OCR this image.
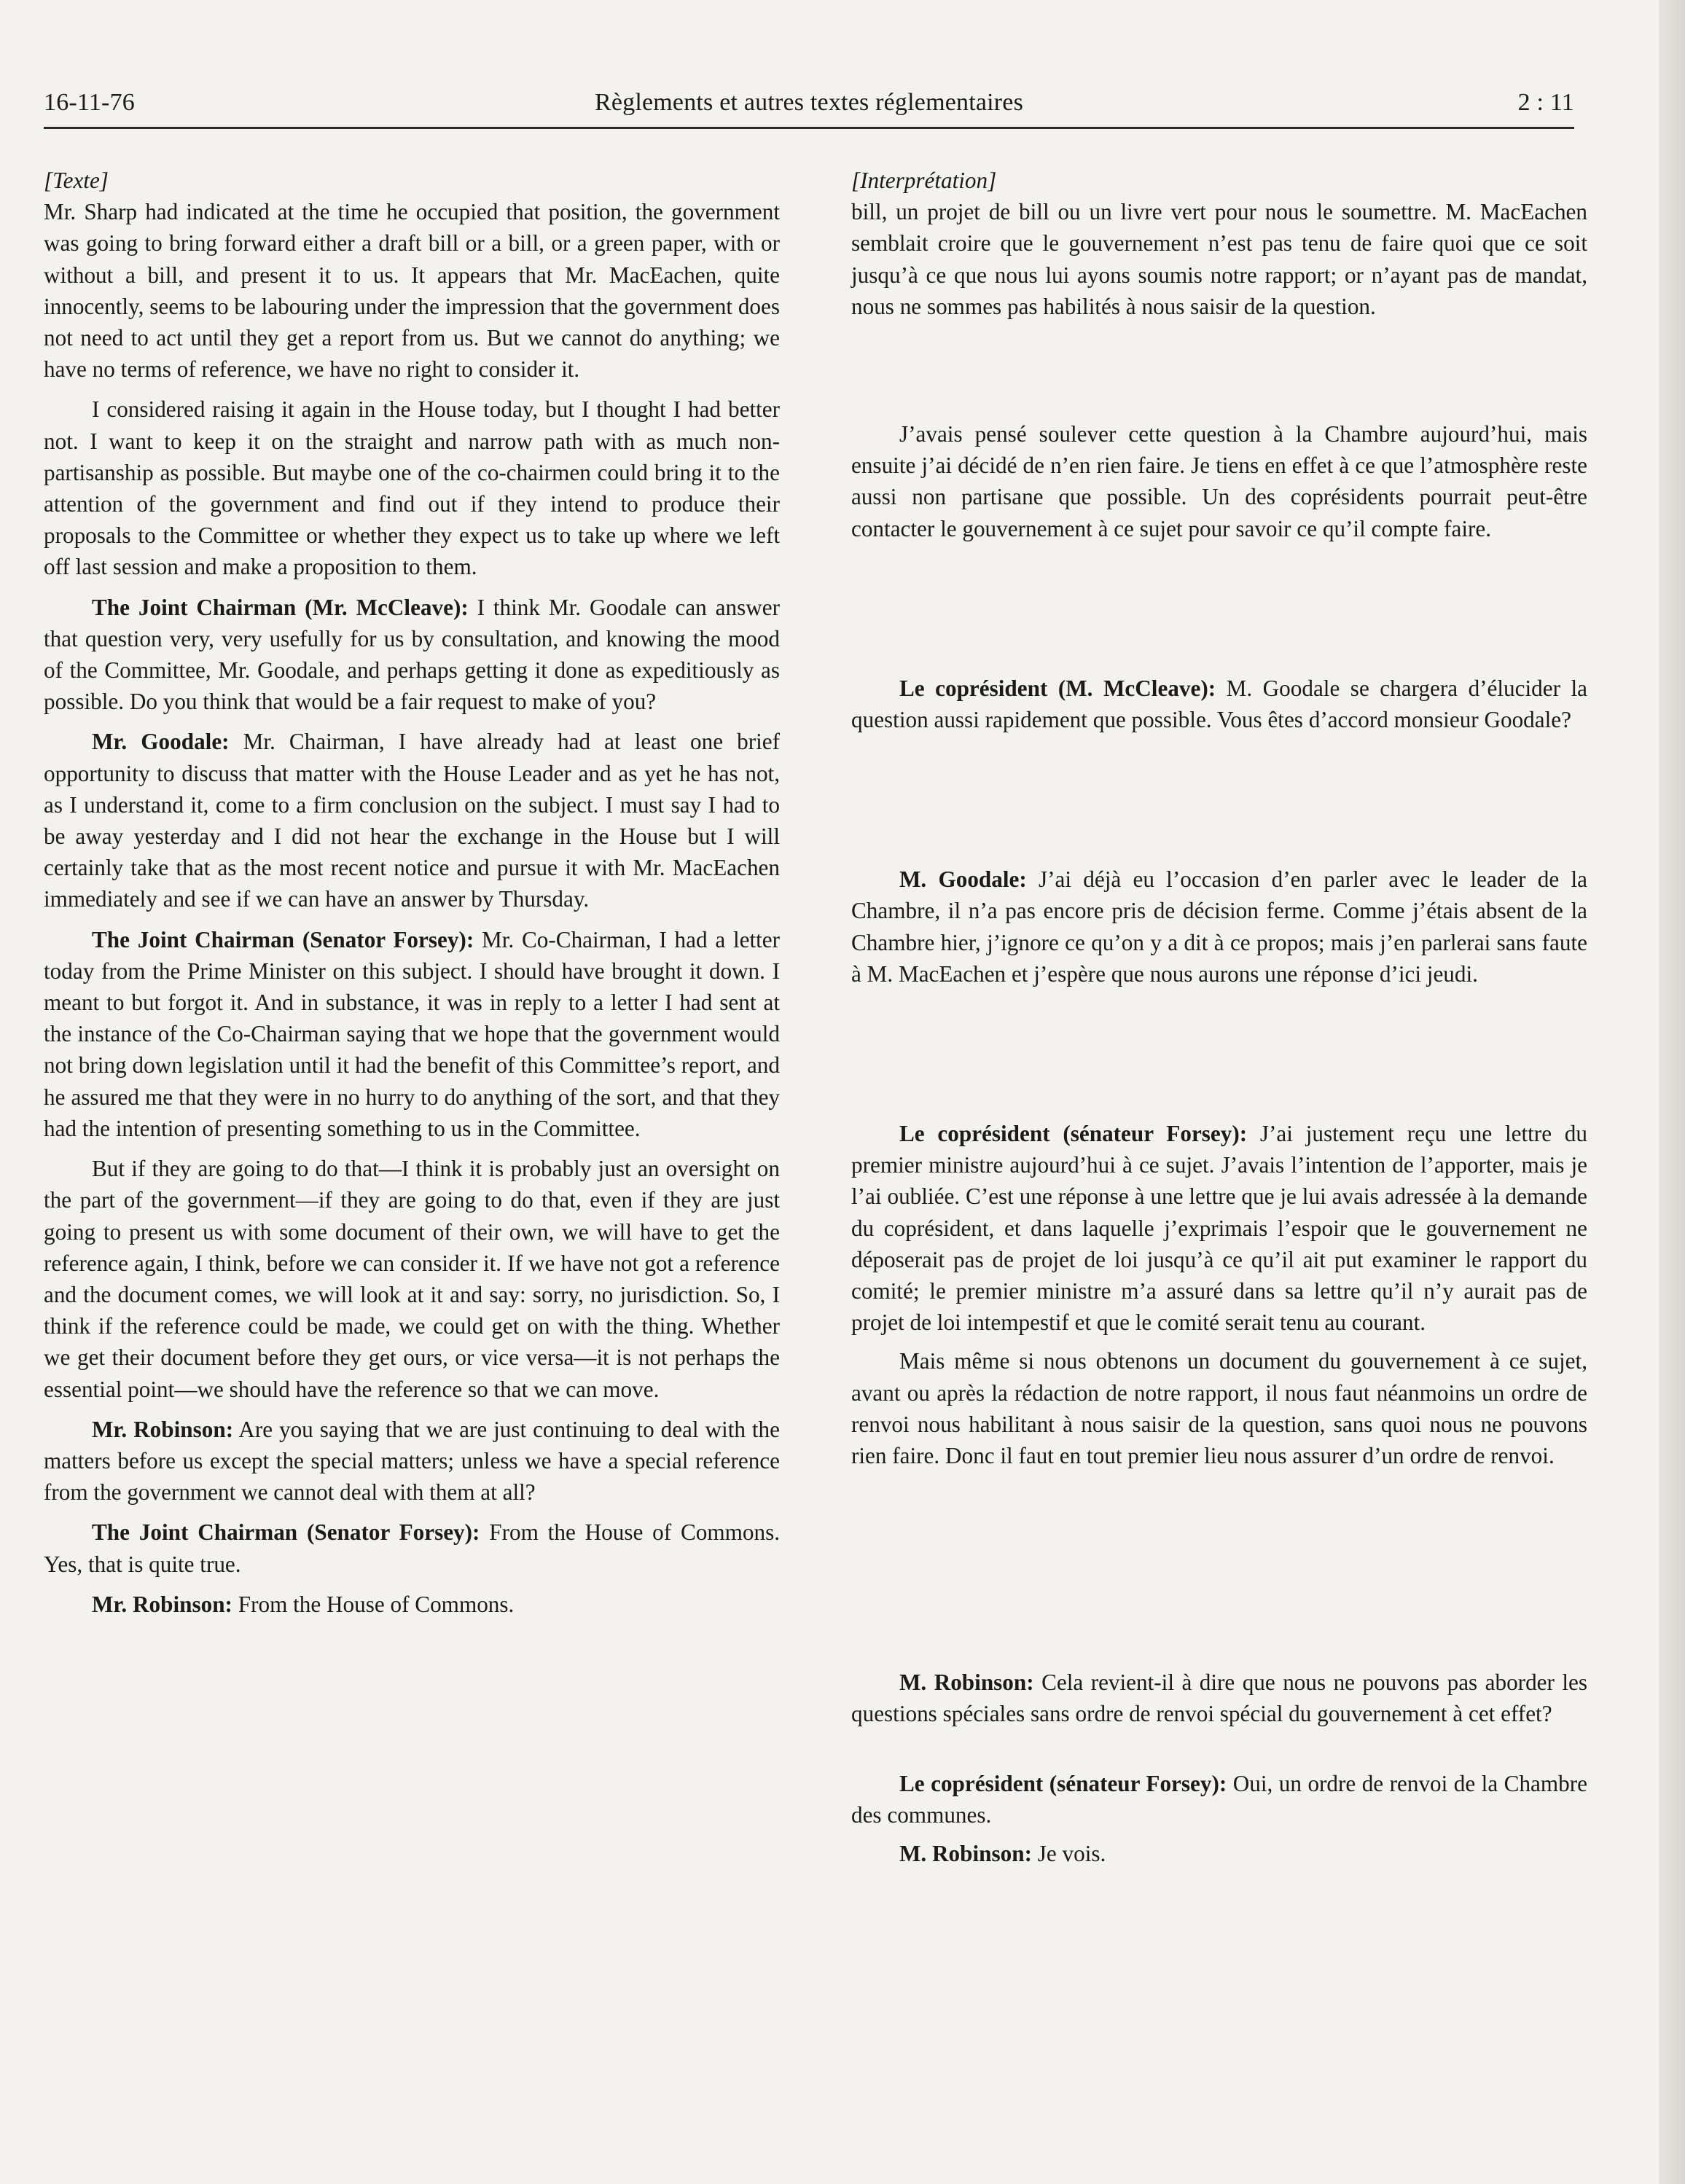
16-11-76	Règlements et autres textes réglementaires	2 : 11

[Texte]

Mr. Sharp had indicated at the time he occupied that position, the government was going to bring forward either a draft bill or a bill, or a green paper, with or without a bill, and present it to us. It appears that Mr. MacEachen, quite innocently, seems to be labouring under the impression that the government does not need to act until they get a report from us. But we cannot do anything; we have no terms of reference, we have no right to consider it.

I considered raising it again in the House today, but I thought I had better not. I want to keep it on the straight and narrow path with as much non-partisanship as possible. But maybe one of the co-chairmen could bring it to the attention of the government and find out if they intend to produce their proposals to the Committee or whether they expect us to take up where we left off last session and make a proposition to them.

The Joint Chairman (Mr. McCleave): I think Mr. Goodale can answer that question very, very usefully for us by consultation, and knowing the mood of the Committee, Mr. Goodale, and perhaps getting it done as expeditiously as possible. Do you think that would be a fair request to make of you?

Mr. Goodale: Mr. Chairman, I have already had at least one brief opportunity to discuss that matter with the House Leader and as yet he has not, as I understand it, come to a firm conclusion on the subject. I must say I had to be away yesterday and I did not hear the exchange in the House but I will certainly take that as the most recent notice and pursue it with Mr. MacEachen immediately and see if we can have an answer by Thursday.

The Joint Chairman (Senator Forsey): Mr. Co-Chairman, I had a letter today from the Prime Minister on this subject. I should have brought it down. I meant to but forgot it. And in substance, it was in reply to a letter I had sent at the instance of the Co-Chairman saying that we hope that the government would not bring down legislation until it had the benefit of this Committee’s report, and he assured me that they were in no hurry to do anything of the sort, and that they had the intention of presenting something to us in the Committee.

But if they are going to do that—I think it is probably just an oversight on the part of the government—if they are going to do that, even if they are just going to present us with some document of their own, we will have to get the reference again, I think, before we can consider it. If we have not got a reference and the document comes, we will look at it and say: sorry, no jurisdiction. So, I think if the reference could be made, we could get on with the thing. Whether we get their document before they get ours, or vice versa—it is not perhaps the essential point—we should have the reference so that we can move.

Mr. Robinson: Are you saying that we are just continuing to deal with the matters before us except the special matters; unless we have a special reference from the government we cannot deal with them at all?

The Joint Chairman (Senator Forsey): From the House of Commons. Yes, that is quite true.

Mr. Robinson: From the House of Commons.

[Interprétation]

bill, un projet de bill ou un livre vert pour nous le soumettre. M. MacEachen semblait croire que le gouvernement n’est pas tenu de faire quoi que ce soit jusqu’à ce que nous lui ayons soumis notre rapport; or n’ayant pas de mandat, nous ne sommes pas habilités à nous saisir de la question.

J’avais pensé soulever cette question à la Chambre aujourd’hui, mais ensuite j’ai décidé de n’en rien faire. Je tiens en effet à ce que l’atmosphère reste aussi non partisane que possible. Un des coprésidents pourrait peut-être contacter le gouvernement à ce sujet pour savoir ce qu’il compte faire.

Le coprésident (M. McCleave): M. Goodale se chargera d’élucider la question aussi rapidement que possible. Vous êtes d’accord monsieur Goodale?

M. Goodale: J’ai déjà eu l’occasion d’en parler avec le leader de la Chambre, il n’a pas encore pris de décision ferme. Comme j’étais absent de la Chambre hier, j’ignore ce qu’on y a dit à ce propos; mais j’en parlerai sans faute à M. MacEachen et j’espère que nous aurons une réponse d’ici jeudi.

Le coprésident (sénateur Forsey): J’ai justement reçu une lettre du premier ministre aujourd’hui à ce sujet. J’avais l’intention de l’apporter, mais je l’ai oubliée. C’est une réponse à une lettre que je lui avais adressée à la demande du coprésident, et dans laquelle j’exprimais l’espoir que le gouvernement ne déposerait pas de projet de loi jusqu’à ce qu’il ait put examiner le rapport du comité; le premier ministre m’a assuré dans sa lettre qu’il n’y aurait pas de projet de loi intempestif et que le comité serait tenu au courant.

Mais même si nous obtenons un document du gouvernement à ce sujet, avant ou après la rédaction de notre rapport, il nous faut néanmoins un ordre de renvoi nous habilitant à nous saisir de la question, sans quoi nous ne pouvons rien faire. Donc il faut en tout premier lieu nous assurer d’un ordre de renvoi.

M. Robinson: Cela revient-il à dire que nous ne pouvons pas aborder les questions spéciales sans ordre de renvoi spécial du gouvernement à cet effet?

Le coprésident (sénateur Forsey): Oui, un ordre de renvoi de la Chambre des communes.

M. Robinson: Je vois.
